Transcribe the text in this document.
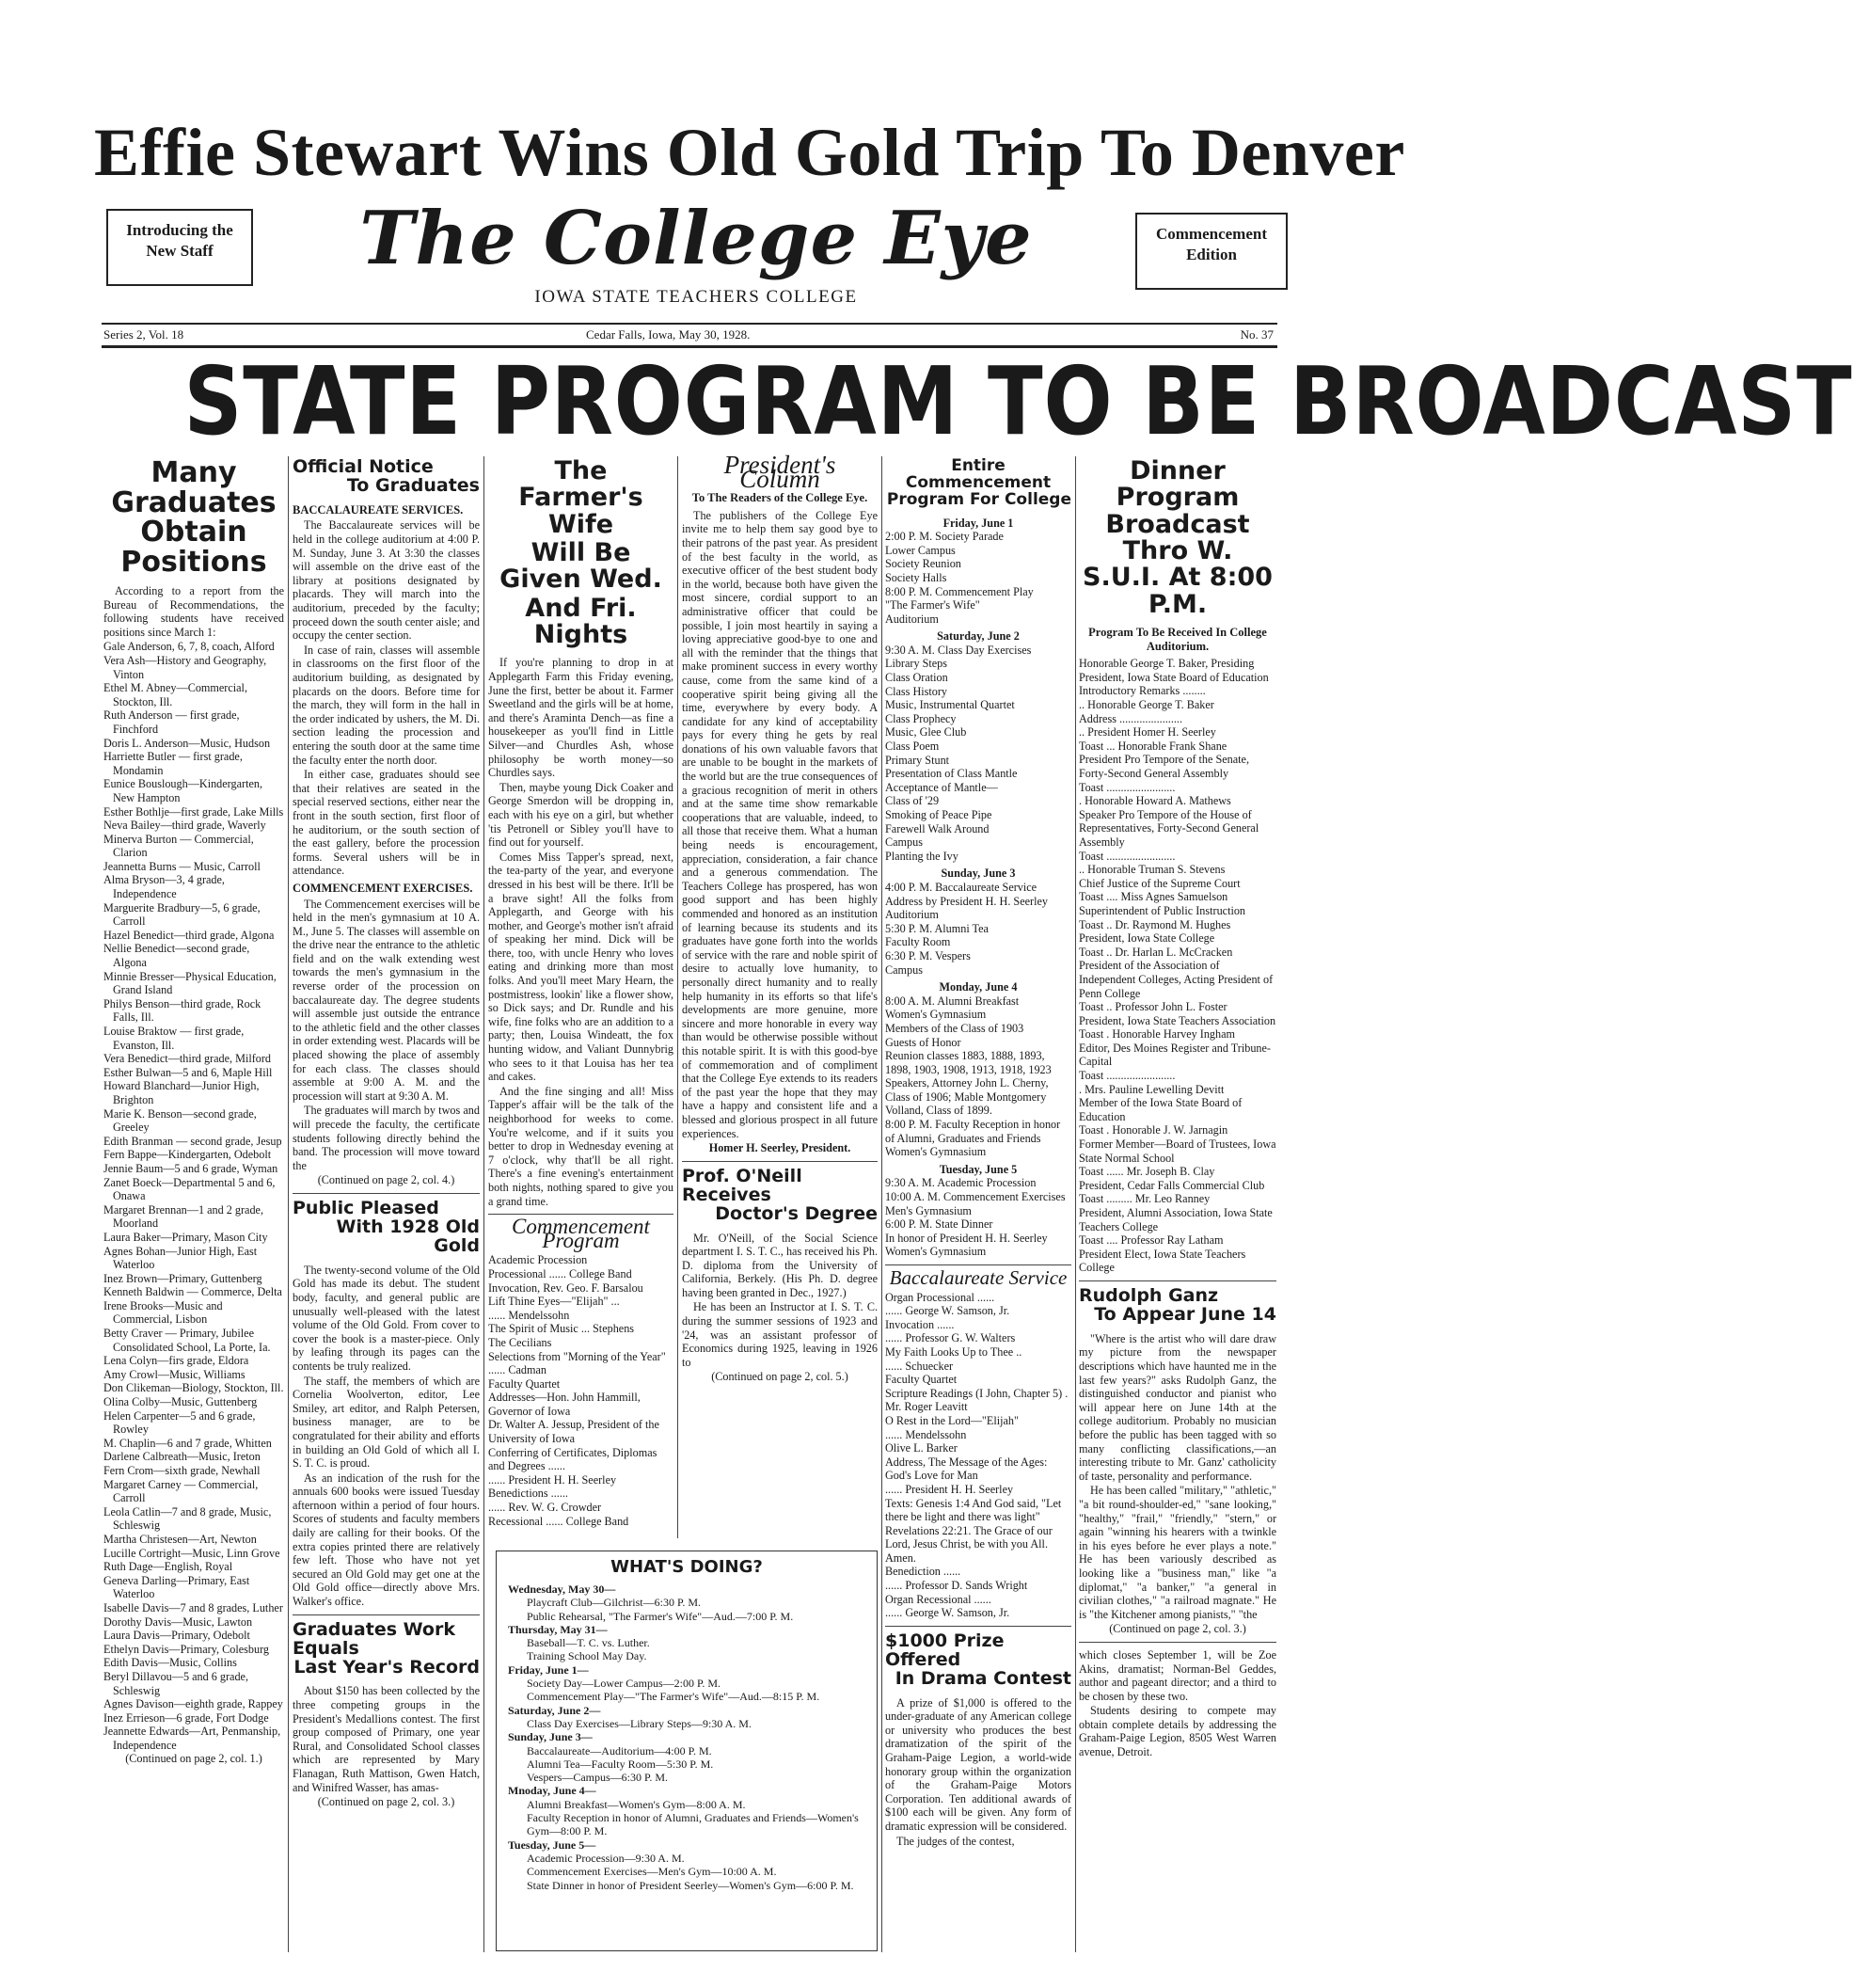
Effie Stewart Wins Old Gold Trip To Denver
Introducing the New Staff	The College Eye	Commencement Edition
IOWA STATE TEACHERS COLLEGE
Series 2, Vol. 18	Cedar Falls, Iowa, May 30, 1928.	No. 37
STATE PROGRAM TO BE BROADCAST
Many Graduates Obtain Positions

According to a report from the Bureau of Recommendations, the following students have received positions since March 1:

Gale Anderson, 6, 7, 8, coach, Alford

Vera Ash—History and Geography, Vinton

Ethel M. Abney—Commercial, Stockton, Ill.

Ruth Anderson — first grade, Finchford

Doris L. Anderson—Music, Hudson

Harriette Butler — first grade, Mondamin

Eunice Bouslough—Kindergarten, New Hampton

Esther Bothlje—first grade, Lake Mills

Neva Bailey—third grade, Waverly

Minerva Burton — Commercial, Clarion

Jeannetta Burns — Music, Carroll

Alma Bryson—3, 4 grade, Independence

Marguerite Bradbury—5, 6 grade, Carroll

Hazel Benedict—third grade, Algona

Nellie Benedict—second grade, Algona

Minnie Bresser—Physical Education, Grand Island

Philys Benson—third grade, Rock Falls, Ill.

Louise Braktow — first grade, Evanston, Ill.

Vera Benedict—third grade, Milford

Esther Bulwan—5 and 6, Maple Hill

Howard Blanchard—Junior High, Brighton

Marie K. Benson—second grade, Greeley

Edith Branman — second grade, Jesup

Fern Bappe—Kindergarten, Odebolt

Jennie Baum—5 and 6 grade, Wyman

Zanet Boeck—Departmental 5 and 6, Onawa

Margaret Brennan—1 and 2 grade, Moorland

Laura Baker—Primary, Mason City

Agnes Bohan—Junior High, East Waterloo

Inez Brown—Primary, Guttenberg

Kenneth Baldwin — Commerce, Delta

Irene Brooks—Music and Commercial, Lisbon

Betty Craver — Primary, Jubilee Consolidated School, La Porte, Ia.

Lena Colyn—firs grade, Eldora

Amy Crowl—Music, Williams

Don Clikeman—Biology, Stockton, Ill.

Olina Colby—Music, Guttenberg

Helen Carpenter—5 and 6 grade, Rowley

M. Chaplin—6 and 7 grade, Whitten

Darlene Calbreath—Music, Ireton

Fern Crom—sixth grade, Newhall

Margaret Carney — Commercial, Carroll

Leola Catlin—7 and 8 grade, Music, Schleswig

Martha Christesen—Art, Newton

Lucille Cortright—Music, Linn Grove

Ruth Dage—English, Royal

Geneva Darling—Primary, East Waterloo

Isabelle Davis—7 and 8 grades, Luther

Dorothy Davis—Music, Lawton

Laura Davis—Primary, Odebolt

Ethelyn Davis—Primary, Colesburg

Edith Davis—Music, Collins

Beryl Dillavou—5 and 6 grade, Schleswig

Agnes Davison—eighth grade, Rappey

Inez Errieson—6 grade, Fort Dodge

Jeannette Edwards—Art, Penmanship, Independence

(Continued on page 2, col. 1.)

Official Notice
To Graduates
BACCALAUREATE SERVICES.

The Baccalaureate services will be held in the college auditorium at 4:00 P. M. Sunday, June 3. At 3:30 the classes will assemble on the drive east of the library at positions designated by placards. They will march into the auditorium, preceded by the faculty; proceed down the south center aisle; and occupy the center section.

In case of rain, classes will assemble in classrooms on the first floor of the auditorium building, as designated by placards on the doors. Before time for the march, they will form in the hall in the order indicated by ushers, the M. Di. section leading the procession and entering the south door at the same time the faculty enter the north door.

In either case, graduates should see that their relatives are seated in the special reserved sections, either near the front in the south section, first floor of he auditorium, or the south section of the east gallery, before the procession forms. Several ushers will be in attendance.

COMMENCEMENT EXERCISES.

The Commencement exercises will be held in the men's gymnasium at 10 A. M., June 5. The classes will assemble on the drive near the entrance to the athletic field and on the walk extending west towards the men's gymnasium in the reverse order of the procession on baccalaureate day. The degree students will assemble just outside the entrance to the athletic field and the other classes in order extending west. Placards will be placed showing the place of assembly for each class. The classes should assemble at 9:00 A. M. and the procession will start at 9:30 A. M.

The graduates will march by twos and will precede the faculty, the certificate students following directly behind the band. The procession will move toward the

(Continued on page 2, col. 4.)

Public Pleased
With 1928 Old Gold

The twenty-second volume of the Old Gold has made its debut. The student body, faculty, and general public are unusually well-pleased with the latest volume of the Old Gold. From cover to cover the book is a master-piece. Only by leafing through its pages can the contents be truly realized.

The staff, the members of which are Cornelia Woolverton, editor, Lee Smiley, art editor, and Ralph Petersen, business manager, are to be congratulated for their ability and efforts in building an Old Gold of which all I. S. T. C. is proud.

As an indication of the rush for the annuals 600 books were issued Tuesday afternoon within a period of four hours. Scores of students and faculty members daily are calling for their books. Of the extra copies printed there are relatively few left. Those who have not yet secured an Old Gold may get one at the Old Gold office—directly above Mrs. Walker's office.

Graduates Work Equals
Last Year's Record

About $150 has been collected by the three competing groups in the President's Medallions contest. The first group composed of Primary, one year Rural, and Consolidated School classes which are represented by Mary Flanagan, Ruth Mattison, Gwen Hatch, and Winifred Wasser, has amas-

(Continued on page 2, col. 3.)

The Farmer's Wife
Will Be Given Wed.
And Fri. Nights

If you're planning to drop in at Applegarth Farm this Friday evening, June the first, better be about it. Farmer Sweetland and the girls will be at home, and there's Araminta Dench—as fine a housekeeper as you'll find in Little Silver—and Churdles Ash, whose philosophy be worth money—so Churdles says.

Then, maybe young Dick Coaker and George Smerdon will be dropping in, each with his eye on a girl, but whether 'tis Petronell or Sibley you'll have to find out for yourself.

Comes Miss Tapper's spread, next, the tea-party of the year, and everyone dressed in his best will be there. It'll be a brave sight! All the folks from Applegarth, and George with his mother, and George's mother isn't afraid of speaking her mind. Dick will be there, too, with uncle Henry who loves eating and drinking more than most folks. And you'll meet Mary Hearn, the postmistress, lookin' like a flower show, so Dick says; and Dr. Rundle and his wife, fine folks who are an addition to a party; then, Louisa Windeatt, the fox hunting widow, and Valiant Dunnybrig who sees to it that Louisa has her tea and cakes.

And the fine singing and all! Miss Tapper's affair will be the talk of the neighborhood for weeks to come. You're welcome, and if it suits you better to drop in Wednesday evening at 7 o'clock, why that'll be all right. There's a fine evening's entertainment both nights, nothing spared to give you a grand time.

Commencement Program

Academic Procession

Processional ...... College Band

Invocation, Rev. Geo. F. Barsalou

Lift Thine Eyes—"Elijah" ...

...... Mendelssohn

The Spirit of Music ... Stephens

The Cecilians

Selections from "Morning of the Year" ...... Cadman

Faculty Quartet

Addresses—Hon. John Hammill, Governor of Iowa

Dr. Walter A. Jessup, President of the University of Iowa

Conferring of Certificates, Diplomas and Degrees ......

...... President H. H. Seerley

Benedictions ......

...... Rev. W. G. Crowder

Recessional ...... College Band

President's Column
To The Readers of the College Eye.

The publishers of the College Eye invite me to help them say good bye to their patrons of the past year. As president of the best faculty in the world, as executive officer of the best student body in the world, because both have given the most sincere, cordial support to an administrative officer that could be possible, I join most heartily in saying a loving appreciative good-bye to one and all with the reminder that the things that make prominent success in every worthy cause, come from the same kind of a cooperative spirit being giving all the time, everywhere by every body. A candidate for any kind of acceptability pays for every thing he gets by real donations of his own valuable favors that are unable to be bought in the markets of the world but are the true consequences of a gracious recognition of merit in others and at the same time show remarkable cooperations that are valuable, indeed, to all those that receive them. What a human being needs is encouragement, appreciation, consideration, a fair chance and a generous commendation. The Teachers College has prospered, has won good support and has been highly commended and honored as an institution of learning because its students and its graduates have gone forth into the worlds of service with the rare and noble spirit of desire to actually love humanity, to personally direct humanity and to really help humanity in its efforts so that life's developments are more genuine, more sincere and more honorable in every way than would be otherwise possible without this notable spirit. It is with this good-bye of commemoration and of compliment that the College Eye extends to its readers of the past year the hope that they may have a happy and consistent life and a blessed and glorious prospect in all future experiences.

Homer H. Seerley, President.

Prof. O'Neill Receives
Doctor's Degree

Mr. O'Neill, of the Social Science department I. S. T. C., has received his Ph. D. diploma from the University of California, Berkely. (His Ph. D. degree having been granted in Dec., 1927.)

He has been an Instructor at I. S. T. C. during the summer sessions of 1923 and '24, was an assistant professor of Economics during 1925, leaving in 1926 to

(Continued on page 2, col. 5.)

WHAT'S DOING?

Wednesday, May 30—

Playcraft Club—Gilchrist—6:30 P. M.

Public Rehearsal, "The Farmer's Wife"—Aud.—7:00 P. M.

Thursday, May 31—

Baseball—T. C. vs. Luther.

Training School May Day.

Friday, June 1—

Society Day—Lower Campus—2:00 P. M.

Commencement Play—"The Farmer's Wife"—Aud.—8:15 P. M.

Saturday, June 2—

Class Day Exercises—Library Steps—9:30 A. M.

Sunday, June 3—

Baccalaureate—Auditorium—4:00 P. M.

Alumni Tea—Faculty Room—5:30 P. M.

Vespers—Campus—6:30 P. M.

Mnoday, June 4—

Alumni Breakfast—Women's Gym—8:00 A. M.

Faculty Reception in honor of Alumni, Graduates and Friends—Women's Gym—8:00 P. M.

Tuesday, June 5—

Academic Procession—9:30 A. M.

Commencement Exercises—Men's Gym—10:00 A. M.

State Dinner in honor of President Seerley—Women's Gym—6:00 P. M.

Entire Commencement
Program For College

Friday, June 1

2:00 P. M. Society Parade

Lower Campus

Society Reunion

Society Halls

8:00 P. M. Commencement Play

"The Farmer's Wife"

Auditorium

Saturday, June 2

9:30 A. M. Class Day Exercises

Library Steps

Class Oration

Class History

Music, Instrumental Quartet

Class Prophecy

Music, Glee Club

Class Poem

Primary Stunt

Presentation of Class Mantle

Acceptance of Mantle—

Class of '29

Smoking of Peace Pipe

Farewell Walk Around

Campus

Planting the Ivy

Sunday, June 3

4:00 P. M. Baccalaureate Service

Address by President H. H. Seerley

Auditorium

5:30 P. M. Alumni Tea

Faculty Room

6:30 P. M. Vespers

Campus

Monday, June 4

8:00 A. M. Alumni Breakfast

Women's Gymnasium

Members of the Class of 1903

Guests of Honor

Reunion classes 1883, 1888, 1893, 1898, 1903, 1908, 1913, 1918, 1923

Speakers, Attorney John L. Cherny, Class of 1906; Mable Montgomery Volland, Class of 1899.

8:00 P. M. Faculty Reception in honor of Alumni, Graduates and Friends

Women's Gymnasium

Tuesday, June 5

9:30 A. M. Academic Procession

10:00 A. M. Commencement Exercises

Men's Gymnasium

6:00 P. M. State Dinner

In honor of President H. H. Seerley

Women's Gymnasium

Baccalaureate Service

Organ Processional ......

...... George W. Samson, Jr.

Invocation ......

...... Professor G. W. Walters

My Faith Looks Up to Thee ..

...... Schuecker

Faculty Quartet

Scripture Readings (I John, Chapter 5) . Mr. Roger Leavitt

O Rest in the Lord—"Elijah"

...... Mendelssohn

Olive L. Barker

Address, The Message of the Ages: God's Love for Man

...... President H. H. Seerley

Texts: Genesis 1:4 And God said, "Let there be light and there was light"

Revelations 22:21. The Grace of our Lord, Jesus Christ, be with you All. Amen.

Benediction ......

...... Professor D. Sands Wright

Organ Recessional ......

...... George W. Samson, Jr.

$1000 Prize Offered
In Drama Contest

A prize of $1,000 is offered to the under-graduate of any American college or university who produces the best dramatization of the spirit of the Graham-Paige Legion, a world-wide honorary group within the organization of the Graham-Paige Motors Corporation. Ten additional awards of $100 each will be given. Any form of dramatic expression will be considered.

The judges of the contest,

Dinner Program
Broadcast Thro W.
S.U.I. At 8:00 P.M.
Program To Be Received In College Auditorium.

Honorable George T. Baker, Presiding

President, Iowa State Board of Education

Introductory Remarks ........

.. Honorable George T. Baker

Address ......................

.. President Homer H. Seerley

Toast ... Honorable Frank Shane

President Pro Tempore of the Senate, Forty-Second General Assembly

Toast ........................

. Honorable Howard A. Mathews

Speaker Pro Tempore of the House of Representatives, Forty-Second General Assembly

Toast ........................

.. Honorable Truman S. Stevens

Chief Justice of the Supreme Court

Toast .... Miss Agnes Samuelson

Superintendent of Public Instruction

Toast .. Dr. Raymond M. Hughes

President, Iowa State College

Toast .. Dr. Harlan L. McCracken

President of the Association of Independent Colleges, Acting President of Penn College

Toast .. Professor John L. Foster

President, Iowa State Teachers Association

Toast . Honorable Harvey Ingham

Editor, Des Moines Register and Tribune-Capital

Toast ........................

. Mrs. Pauline Lewelling Devitt

Member of the Iowa State Board of Education

Toast . Honorable J. W. Jarnagin

Former Member—Board of Trustees, Iowa State Normal School

Toast ...... Mr. Joseph B. Clay

President, Cedar Falls Commercial Club

Toast ......... Mr. Leo Ranney

President, Alumni Association, Iowa State Teachers College

Toast .... Professor Ray Latham

President Elect, Iowa State Teachers College

Rudolph Ganz
To Appear June 14

"Where is the artist who will dare draw my picture from the newspaper descriptions which have haunted me in the last few years?" asks Rudolph Ganz, the distinguished conductor and pianist who will appear here on June 14th at the college auditorium. Probably no musician before the public has been tagged with so many conflicting classifications,—an interesting tribute to Mr. Ganz' catholicity of taste, personality and performance.

He has been called "military," "athletic," "a bit round-shoulder-ed," "sane looking," "healthy," "frail," "friendly," "stern," or again "winning his hearers with a twinkle in his eyes before he ever plays a note." He has been variously described as looking like a "business man," like "a diplomat," "a banker," "a general in civilian clothes," "a railroad magnate." He is "the Kitchener among pianists," "the

(Continued on page 2, col. 3.)

which closes September 1, will be Zoe Akins, dramatist; Norman-Bel Geddes, author and pageant director; and a third to be chosen by these two.

Students desiring to compete may obtain complete details by addressing the Graham-Paige Legion, 8505 West Warren avenue, Detroit.
